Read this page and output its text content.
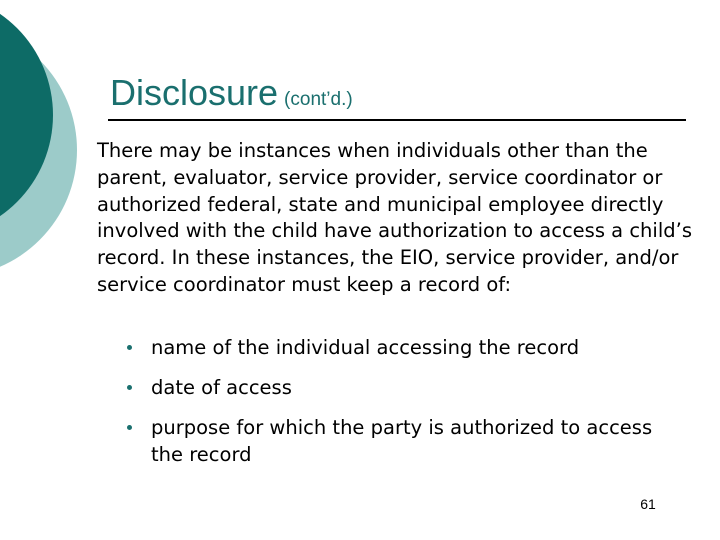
Disclosure (cont’d.)
There may be instances when individuals other than the parent, evaluator, service provider, service coordinator or authorized federal, state and municipal employee directly involved with the child have authorization to access a child’s record. In these instances, the EIO, service provider, and/or service coordinator must keep a record of:
name of the individual accessing the record
date of access
purpose for which the party is authorized to access the record
61
